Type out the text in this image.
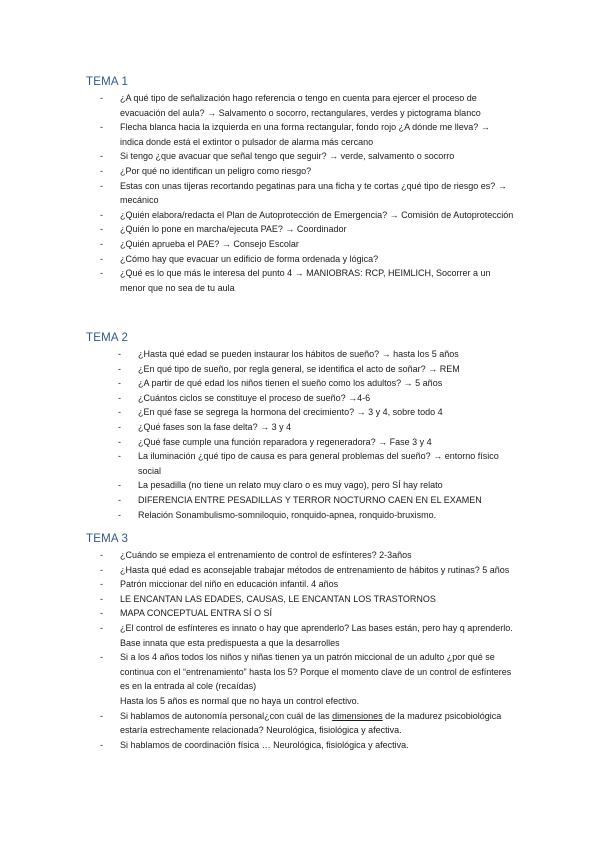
TEMA 1
- ¿A qué tipo de señalización hago referencia o tengo en cuenta para ejercer el proceso de evacuación del aula? → Salvamento o socorro, rectangulares, verdes y pictograma blanco
- Flecha blanca hacia la izquierda en una forma rectangular, fondo rojo ¿A dónde me lleva? → indica donde está el extintor o pulsador de alarma más cercano
- Si tengo ¿que avacuar que señal tengo que seguir? → verde, salvamento o socorro
- ¿Por qué no identifican un peligro como riesgo?
- Estas con unas tijeras recortando pegatinas para una ficha y te cortas ¿qué tipo de riesgo es? → mecánico
- ¿Quién elabora/redacta el Plan de Autoprotección de Emergencia? → Comisión de Autoprotección
- ¿Quién lo pone en marcha/ejecuta PAE? → Coordinador
- ¿Quién aprueba el PAE? → Consejo Escolar
- ¿Cómo hay que evacuar un edificio de forma ordenada y lógica?
- ¿Qué es lo que más le interesa del punto 4 → MANIOBRAS: RCP, HEIMLICH, Socorrer a un menor que no sea de tu aula
TEMA 2
- ¿Hasta qué edad se pueden instaurar los hábitos de sueño? → hasta los 5 años
- ¿En qué tipo de sueño, por regla general, se identifica el acto de soñar? → REM
- ¿A partir de qué edad los niños tienen el sueño como los adultos? → 5 años
- ¿Cuántos ciclos se constituye el proceso de sueño? →4-6
- ¿En qué fase se segrega la hormona del crecimiento? → 3 y 4, sobre todo 4
- ¿Qué fases son la fase delta? → 3 y 4
- ¿Qué fase cumple una función reparadora y regeneradora? → Fase 3 y 4
- La iluminación ¿qué tipo de causa es para general problemas del sueño? → entorno físico social
- La pesadilla (no tiene un relato muy claro o es muy vago), pero SÍ hay relato
- DIFERENCIA ENTRE PESADILLAS Y TERROR NOCTURNO CAEN EN EL EXAMEN
- Relación Sonambulismo-somniloquio, ronquido-apnea, ronquido-bruxismo.
TEMA 3
- ¿Cuándo se empieza el entrenamiento de control de esfínteres? 2-3años
- ¿Hasta qué edad es aconsejable trabajar métodos de entrenamiento de hábitos y rutinas? 5 años
- Patrón miccionar del niño en educación infantil. 4 años
- LE ENCANTAN LAS EDADES, CAUSAS, LE ENCANTAN LOS TRASTORNOS
- MAPA CONCEPTUAL ENTRA SÍ O SÍ
- ¿El control de esfínteres es innato o hay que aprenderlo? Las bases están, pero hay q aprenderlo. Base innata que esta predispuesta a que la desarrolles
- Si a los 4 años todos los niños y niñas tienen ya un patrón miccional de un adulto ¿por qué se continua con el “entrenamiento” hasta los 5? Porque el momento clave de un control de esfínteres es en la entrada al cole (recaídas)
Hasta los 5 años es normal que no haya un control efectivo.
- Si hablamos de autonomía personal¿con cuál de las dimensiones de la madurez psicobiológica estaría estrechamente relacionada? Neurológica, fisiológica y afectiva.
- Si hablamos de coordinación física … Neurológica, fisiológica y afectiva.
